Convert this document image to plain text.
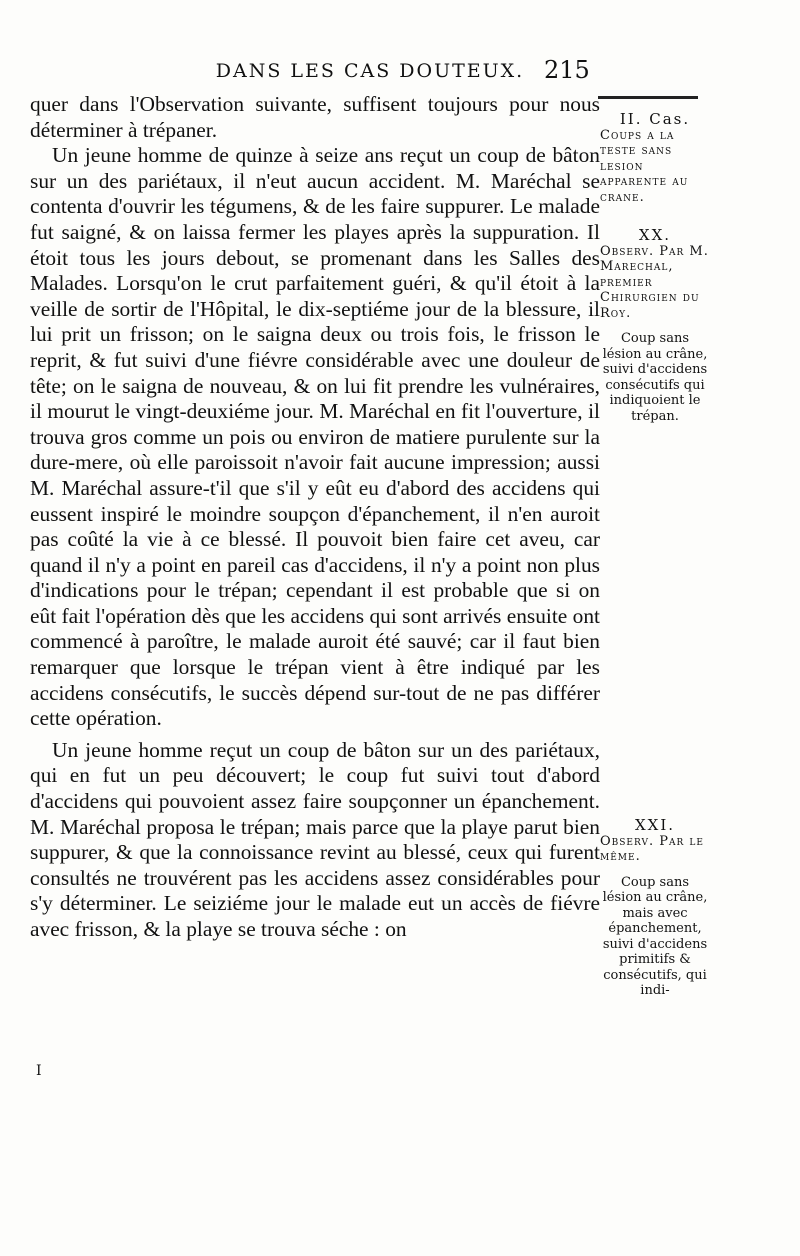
DANS LES CAS DOUTEUX. 215

quer dans l'Observation suivante, suffisent toujours pour nous déterminer à trépaner.

Un jeune homme de quinze à seize ans reçut un coup de bâton sur un des pariétaux, il n'eut aucun accident. M. Maréchal se contenta d'ouvrir les tégumens, & de les faire suppurer. Le malade fut saigné, & on laissa fermer les playes après la suppuration. Il étoit tous les jours debout, se promenant dans les Salles des Malades. Lorsqu'on le crut parfaitement guéri, & qu'il étoit à la veille de sortir de l'Hôpital, le dix-septiéme jour de la blessure, il lui prit un frisson; on le saigna deux ou trois fois, le frisson le reprit, & fut suivi d'une fiévre considérable avec une douleur de tête; on le saigna de nouveau, & on lui fit prendre les vulnéraires, il mourut le vingt-deuxiéme jour. M. Maréchal en fit l'ouverture, il trouva gros comme un pois ou environ de matiere purulente sur la dure-mere, où elle paroissoit n'avoir fait aucune impression; aussi M. Maréchal assure-t'il que s'il y eût eu d'abord des accidens qui eussent inspiré le moindre soupçon d'épanchement, il n'en auroit pas coûté la vie à ce blessé. Il pouvoit bien faire cet aveu, car quand il n'y a point en pareil cas d'accidens, il n'y a point non plus d'indications pour le trépan; cependant il est probable que si on eût fait l'opération dès que les accidens qui sont arrivés ensuite ont commencé à paroître, le malade auroit été sauvé; car il faut bien remarquer que lorsque le trépan vient à être indiqué par les accidens consécutifs, le succès dépend sur-tout de ne pas différer cette opération.

Un jeune homme reçut un coup de bâton sur un des pariétaux, qui en fut un peu découvert; le coup fut suivi tout d'abord d'accidens qui pouvoient assez faire soupçonner un épanchement. M. Maréchal proposa le trépan; mais parce que la playe parut bien suppurer, & que la connoissance revint au blessé, ceux qui furent consultés ne trouvérent pas les accidens assez considérables pour s'y déterminer. Le seiziéme jour le malade eut un accès de fiévre avec frisson, & la playe se trouva séche : on

II. Cas.
Coups a la teste sans lesion apparente au crane.
XX.
Observ. Par M. Marechal, premier Chirurgien du Roy.
Coup sans lésion au crâne, suivi d'accidens consécutifs qui indiquoient le trépan.
XXI.
Observ. Par le même.
Coup sans lésion au crâne, mais avec épanchement, suivi d'accidens primitifs & consécutifs, qui indi-
I
